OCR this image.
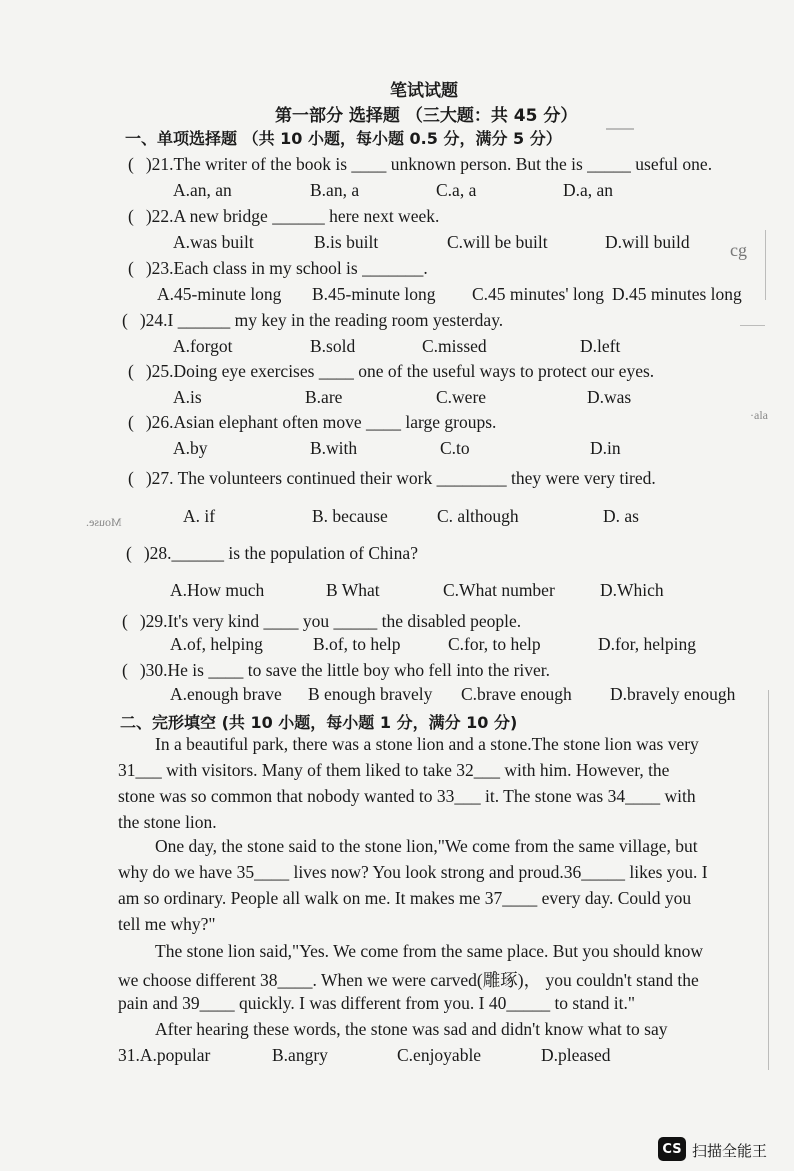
笔试试题
第一部分 选择题 （三大题：共 45 分）
一、单项选择题 （共 10 小题，每小题 0.5 分，满分 5 分）
( )21.The writer of the book is ____ unknown person. But the is _____ useful one.
A.an, an	B.an, a	C.a, a	D.a, an
( )22.A new bridge ______ here next week.
A.was built	B.is built	C.will be built	D.will build cg
( )23.Each class in my school is _______.
A.45-minute long B.45-minute long C.45 minutes' long D.45 minutes long
( )24.I ______ my key in the reading room yesterday.
A.forgot	B.sold	C.missed	D.left
( )25.Doing eye exercises ____ one of the useful ways to protect our eyes.
A.is	B.are	C.were	D.was
·ala
( )26.Asian elephant often move ____ large groups.
A.by	B.with	C.to	D.in
( )27. The volunteers continued their work ________ they were very tired.
Mouse.	A. if	B. because	C. although	D. as
( )28.______ is the population of China?
A.How much	B What	C.What number	D.Which
( )29.It's very kind ____ you _____ the disabled people.
A.of, helping	B.of, to help	C.for, to help	D.for, helping
( )30.He is ____ to save the little boy who fell into the river.
A.enough brave B enough bravely C.brave enough D.bravely enough
二、完形填空 (共 10 小题，每小题 1 分，满分 10 分)
In a beautiful park, there was a stone lion and a stone.The stone lion was very
31___ with visitors. Many of them liked to take 32___ with him. However, the
stone was so common that nobody wanted to 33___ it. The stone was 34____ with
the stone lion.
One day, the stone said to the stone lion,"We come from the same village, but
why do we have 35____ lives now? You look strong and proud.36_____ likes you. I
am so ordinary. People all walk on me. It makes me 37____ every day. Could you
tell me why?"
The stone lion said,"Yes. We come from the same place. But you should know
we choose different 38____. When we were carved(雕琢)， you couldn't stand the
pain and 39____ quickly. I was different from you. I 40_____ to stand it."
After hearing these words, the stone was sad and didn't know what to say
31.A.popular	B.angry	C.enjoyable	D.pleased
CS 扫描全能王
